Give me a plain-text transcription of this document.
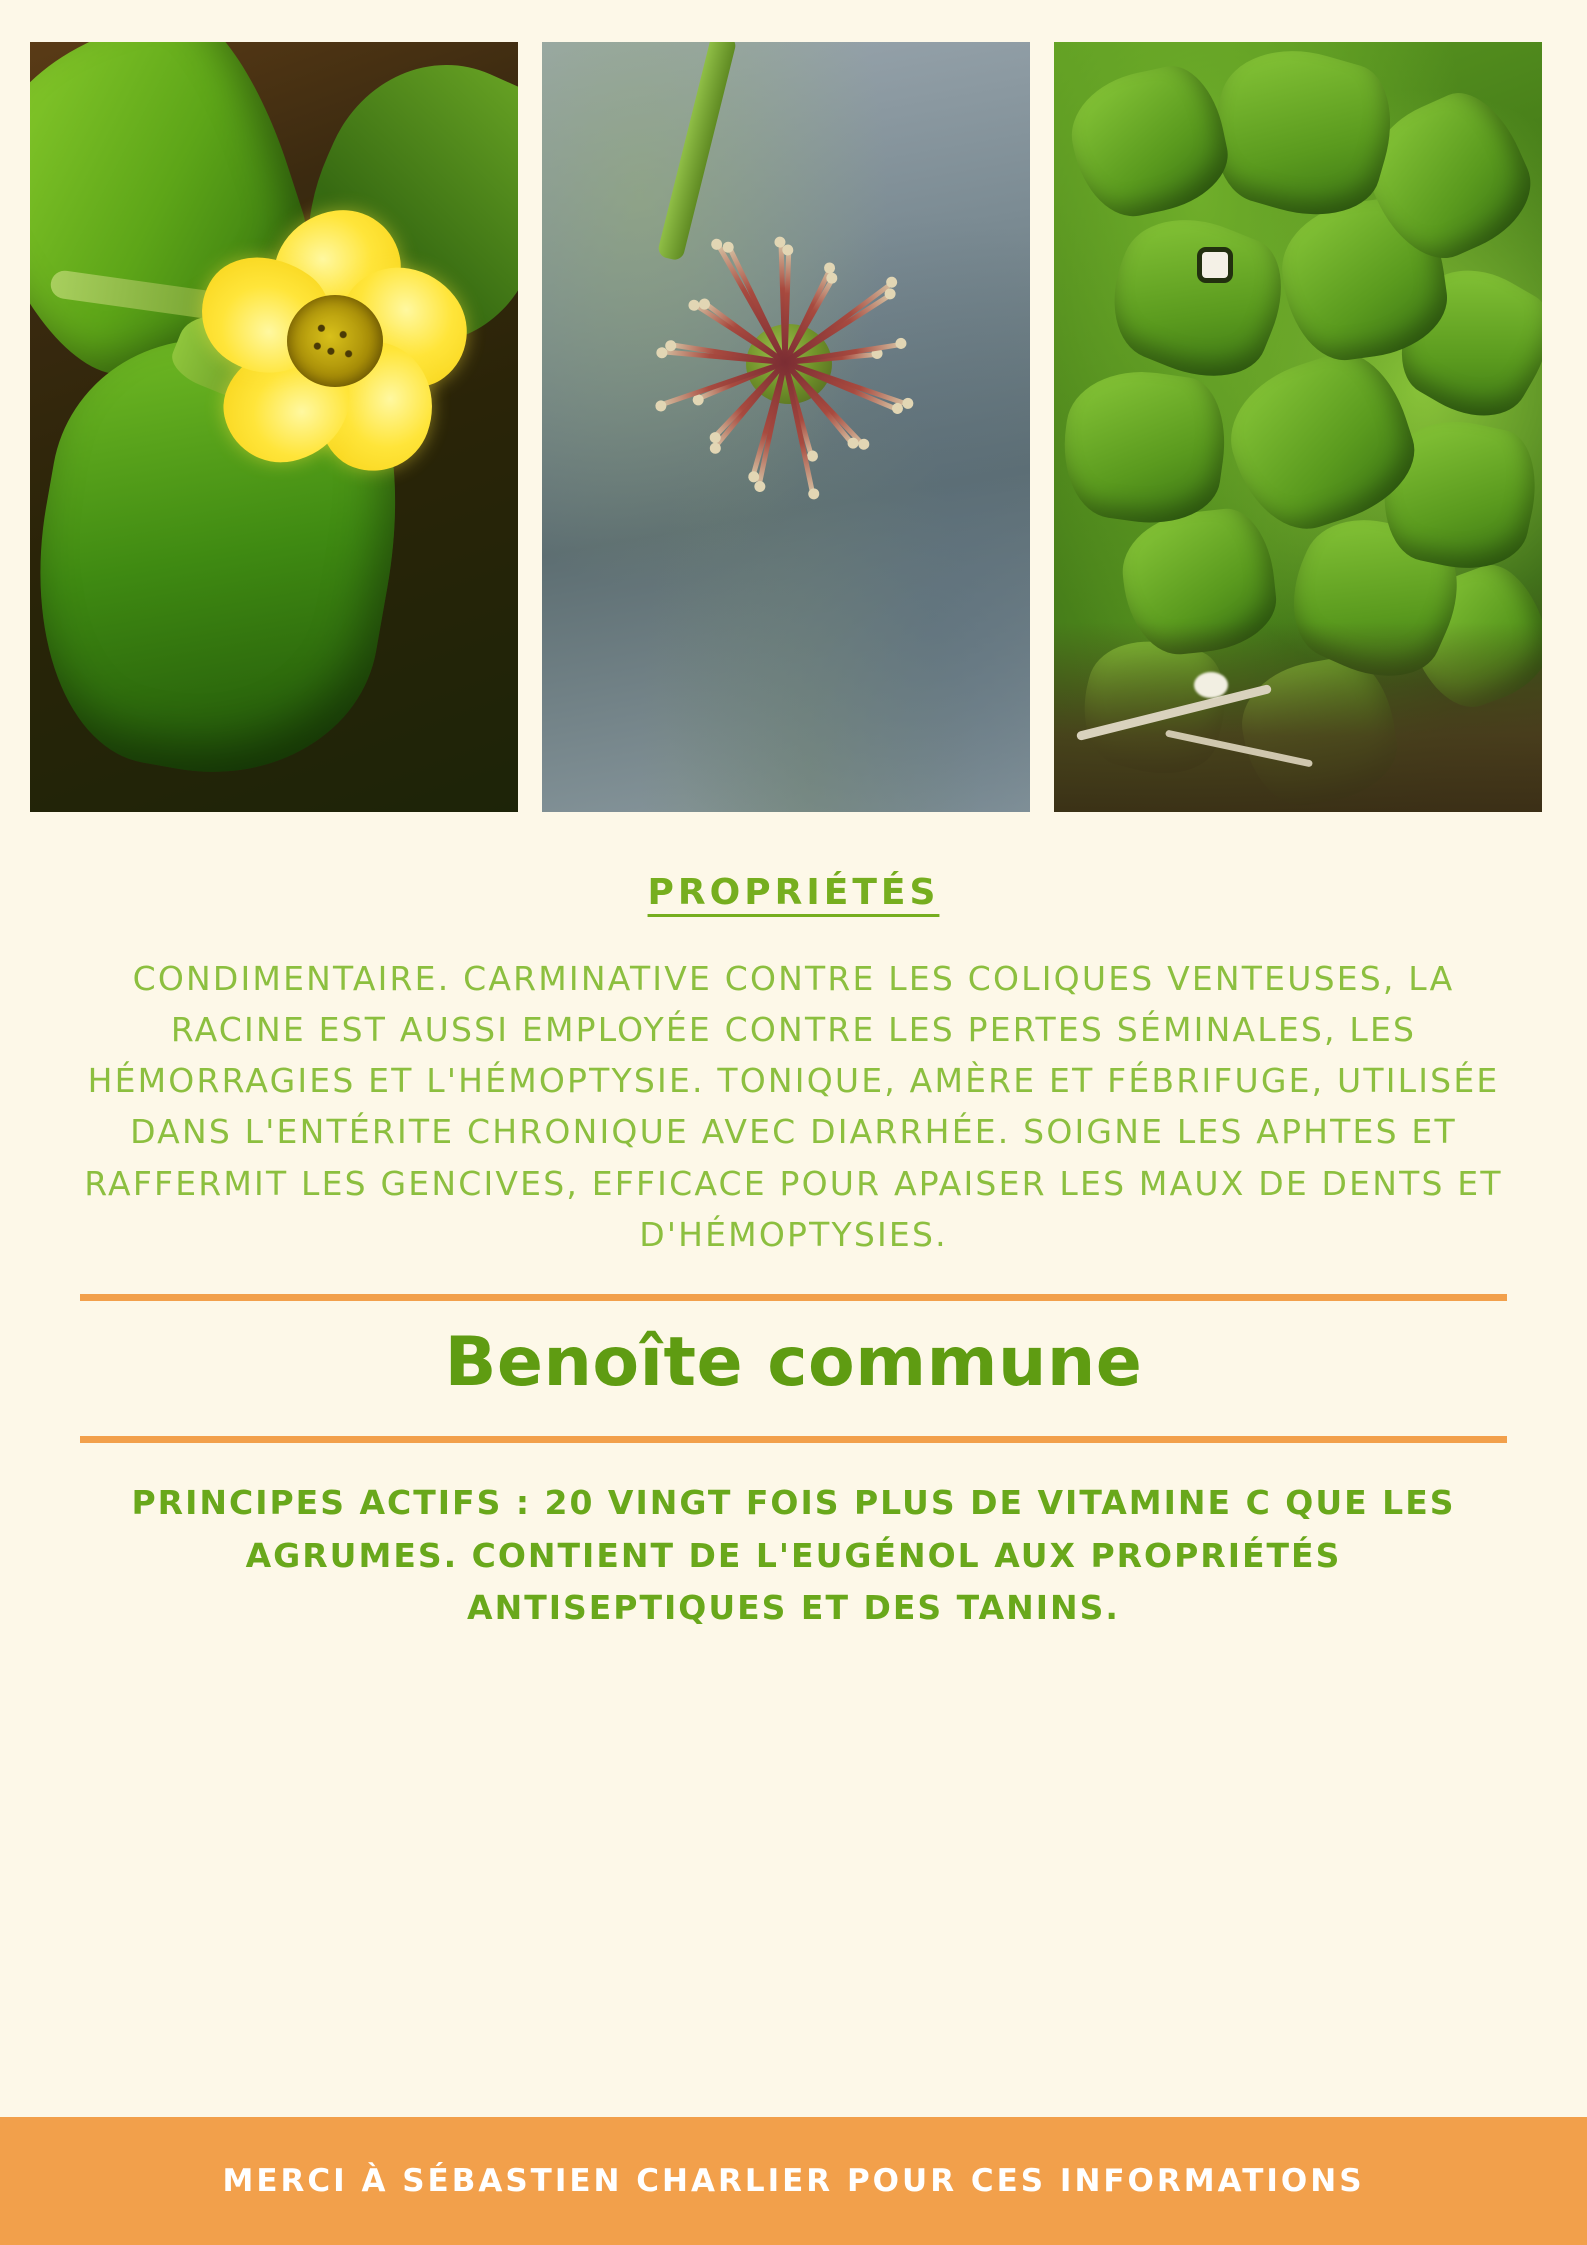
PROPRIÉTÉS

CONDIMENTAIRE. CARMINATIVE CONTRE LES COLIQUES VENTEUSES, LA RACINE EST AUSSI EMPLOYÉE CONTRE LES PERTES SÉMINALES, LES HÉMORRAGIES ET L'HÉMOPTYSIE. TONIQUE, AMÈRE ET FÉBRIFUGE, UTILISÉE DANS L'ENTÉRITE CHRONIQUE AVEC DIARRHÉE. SOIGNE LES APHTES ET RAFFERMIT LES GENCIVES, EFFICACE POUR APAISER LES MAUX DE DENTS ET D'HÉMOPTYSIES.

Benoîte commune

PRINCIPES ACTIFS : 20 VINGT FOIS PLUS DE VITAMINE C QUE LES AGRUMES. CONTIENT DE L'EUGÉNOL AUX PROPRIÉTÉS ANTISEPTIQUES ET DES TANINS.

MERCI À SÉBASTIEN CHARLIER POUR CES INFORMATIONS
